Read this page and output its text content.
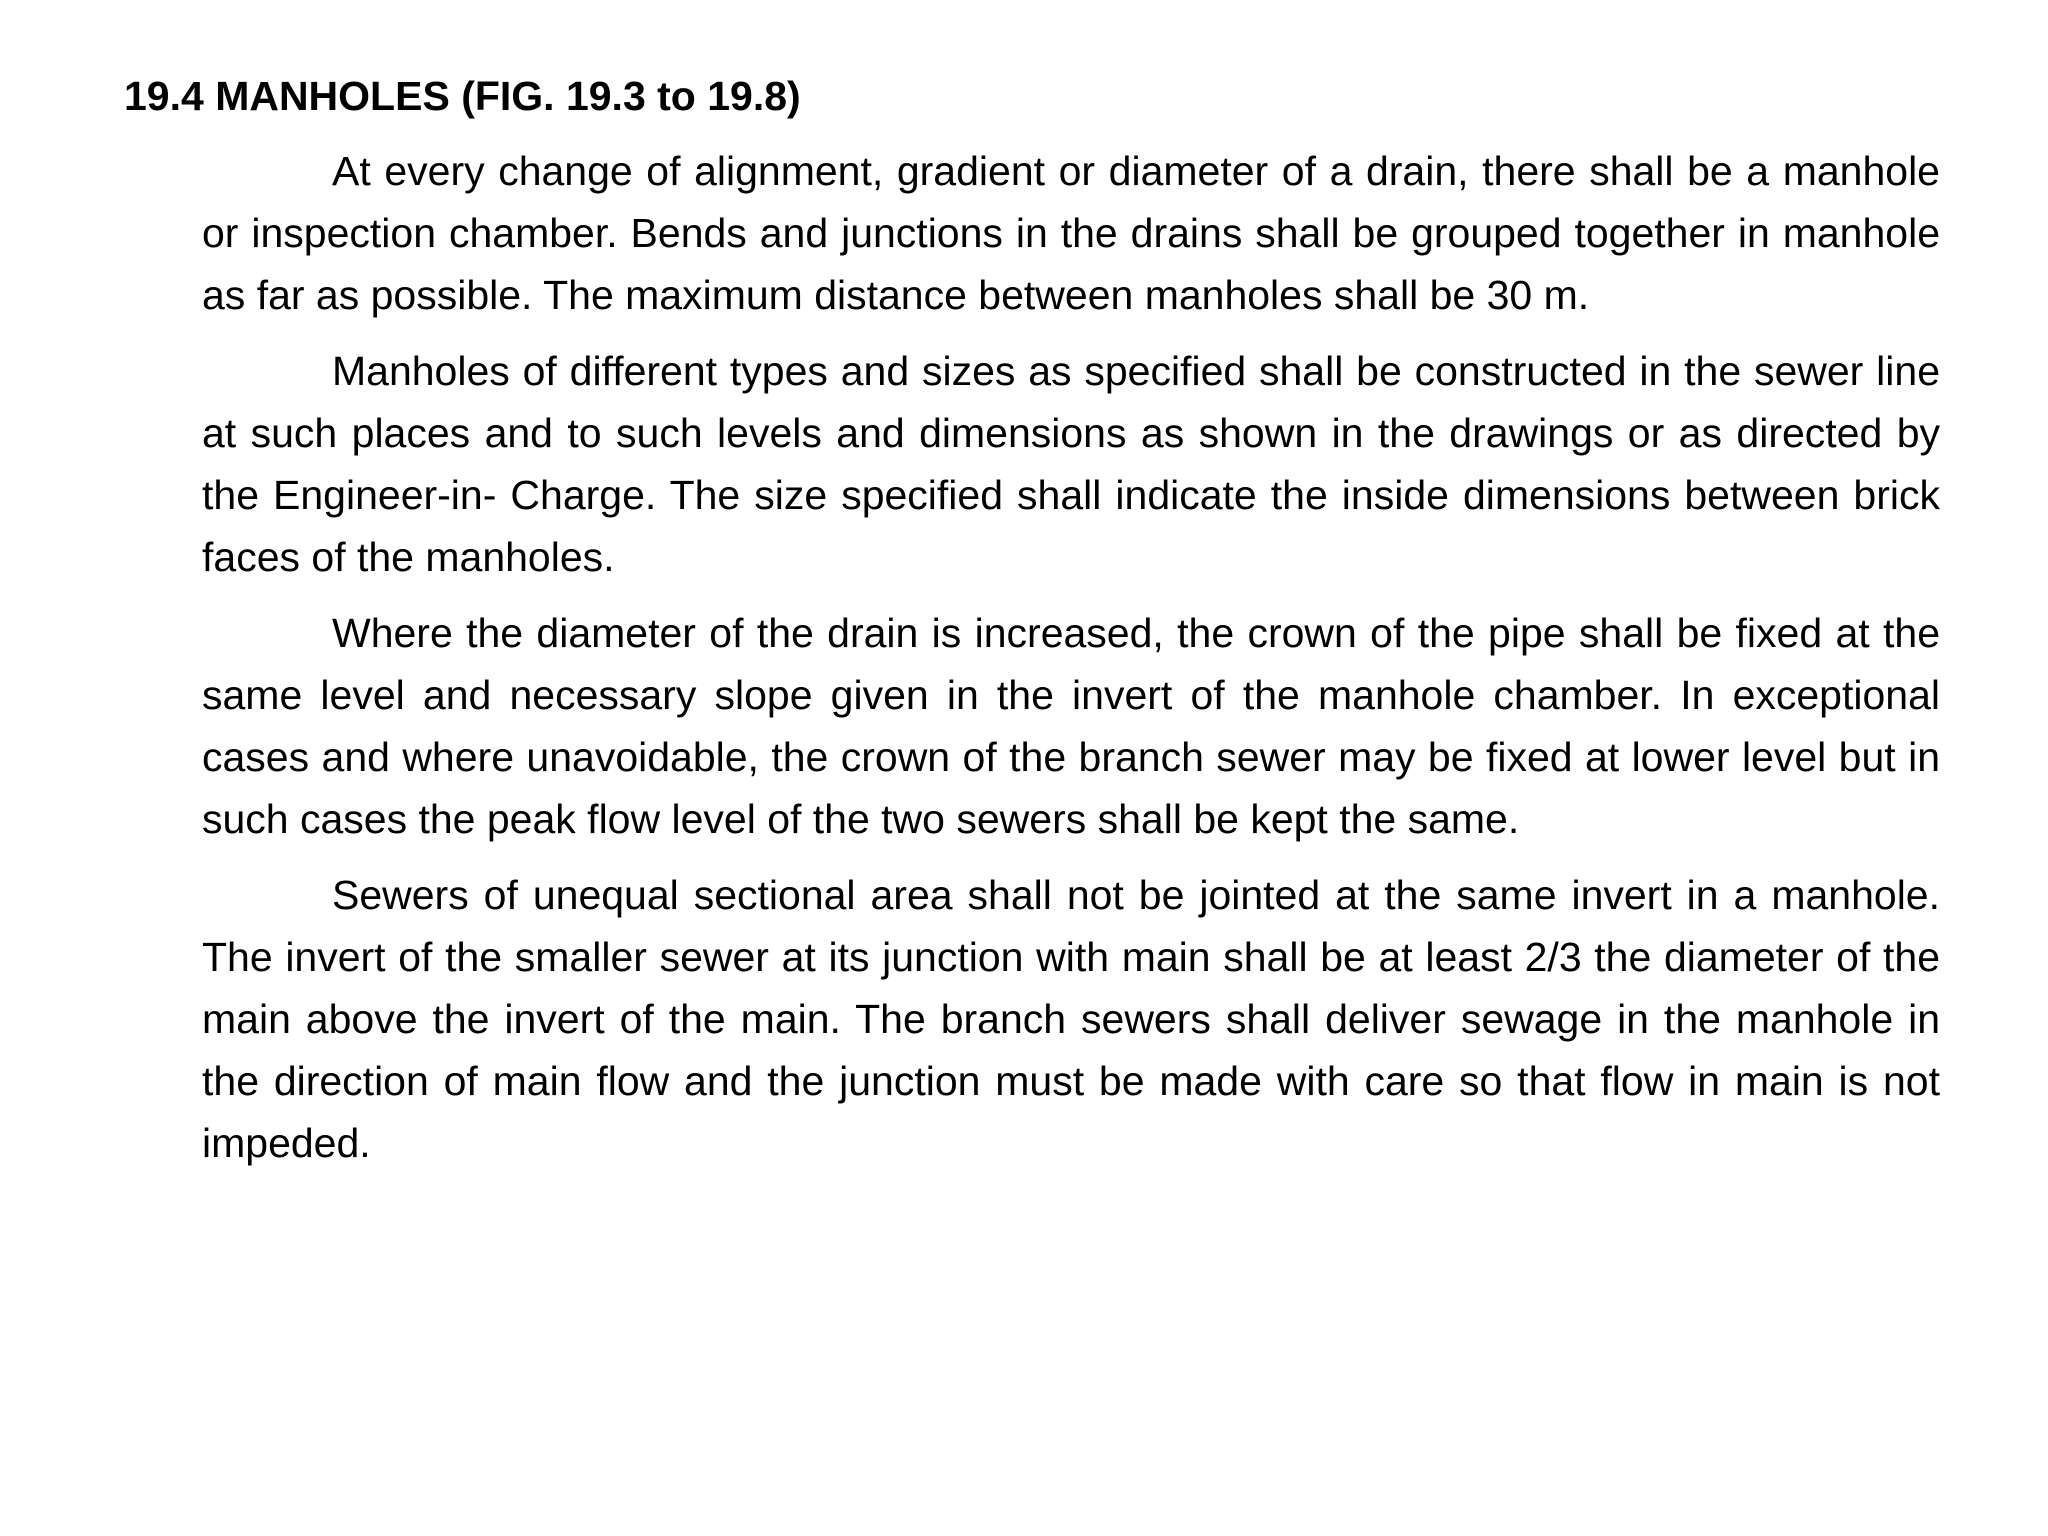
19.4 MANHOLES (FIG. 19.3 to 19.8)

At every change of alignment, gradient or diameter of a drain, there shall be a manhole or inspection chamber. Bends and junctions in the drains shall be grouped together in manhole as far as possible. The maximum distance between manholes shall be 30 m.

Manholes of different types and sizes as specified shall be constructed in the sewer line at such places and to such levels and dimensions as shown in the drawings or as directed by the Engineer-in- Charge. The size specified shall indicate the inside dimensions between brick faces of the manholes.

Where the diameter of the drain is increased, the crown of the pipe shall be fixed at the same level and necessary slope given in the invert of the manhole chamber. In exceptional cases and where unavoidable, the crown of the branch sewer may be fixed at lower level but in such cases the peak flow level of the two sewers shall be kept the same.

Sewers of unequal sectional area shall not be jointed at the same invert in a manhole. The invert of the smaller sewer at its junction with main shall be at least 2/3 the diameter of the main above the invert of the main. The branch sewers shall deliver sewage in the manhole in the direction of main flow and the junction must be made with care so that flow in main is not impeded.
